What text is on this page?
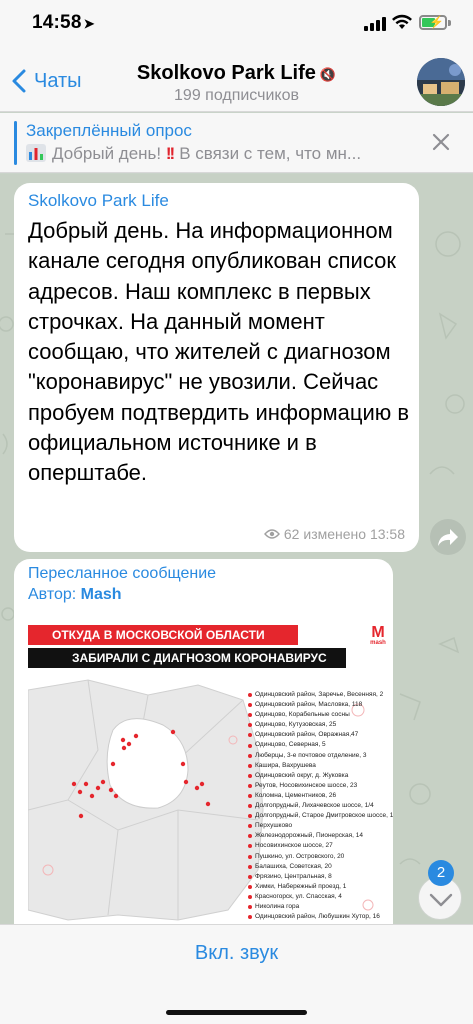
14:58 ➤	⚡
Чаты	Skolkovo Park Life 🔇
199 подписчиков
Закреплённый опрос
Добрый день! !! В связи с тем, что мн...
Skolkovo Park Life
Добрый день. На информационном канале сегодня опубликован список адресов. Наш комплекс в первых строчках. На данный момент сообщаю, что жителей с диагнозом "коронавирус" не увозили. Сейчас пробуем подтвердить информацию в официальном источнике и в оперштабе.
62 изменено 13:58
Пересланное сообщение
Автор: Mash
ОТКУДА В МОСКОВСКОЙ ОБЛАСТИ
ЗАБИРАЛИ С ДИАГНОЗОМ КОРОНАВИРУС
M
mash
Одинцовский район, Заречье, Весенняя, 2
Одинцовский район, Масловка, 118
Одинцово, Корабельные сосны
Одинцово, Кутузовская, 25
Одинцовский район, Овражная,47
Одинцово, Северная, 5
Люберцы, 3-е почтовое отделение, 3
Кашира, Вахрушева
Одинцовский округ, д. Жуковка
Реутов, Носовихинское шоссе, 23
Коломна, Цементников, 26
Долгопрудный, Лихачевское шоссе, 1/4
Долгопрудный, Старое Дмитровское шоссе, 1
Перхушково
Железнодорожный, Пионерская, 14
Носовихинское шоссе, 27
Пушкино, ул. Островского, 20
Балашиха, Советская, 20
Фрязино, Центральная, 8
Химки, Набережный проезд, 1
Красногорск, ул. Спасская, 4
Николина гора
Одинцовский район, Любушкин Хутор, 16
2
Вкл. звук
